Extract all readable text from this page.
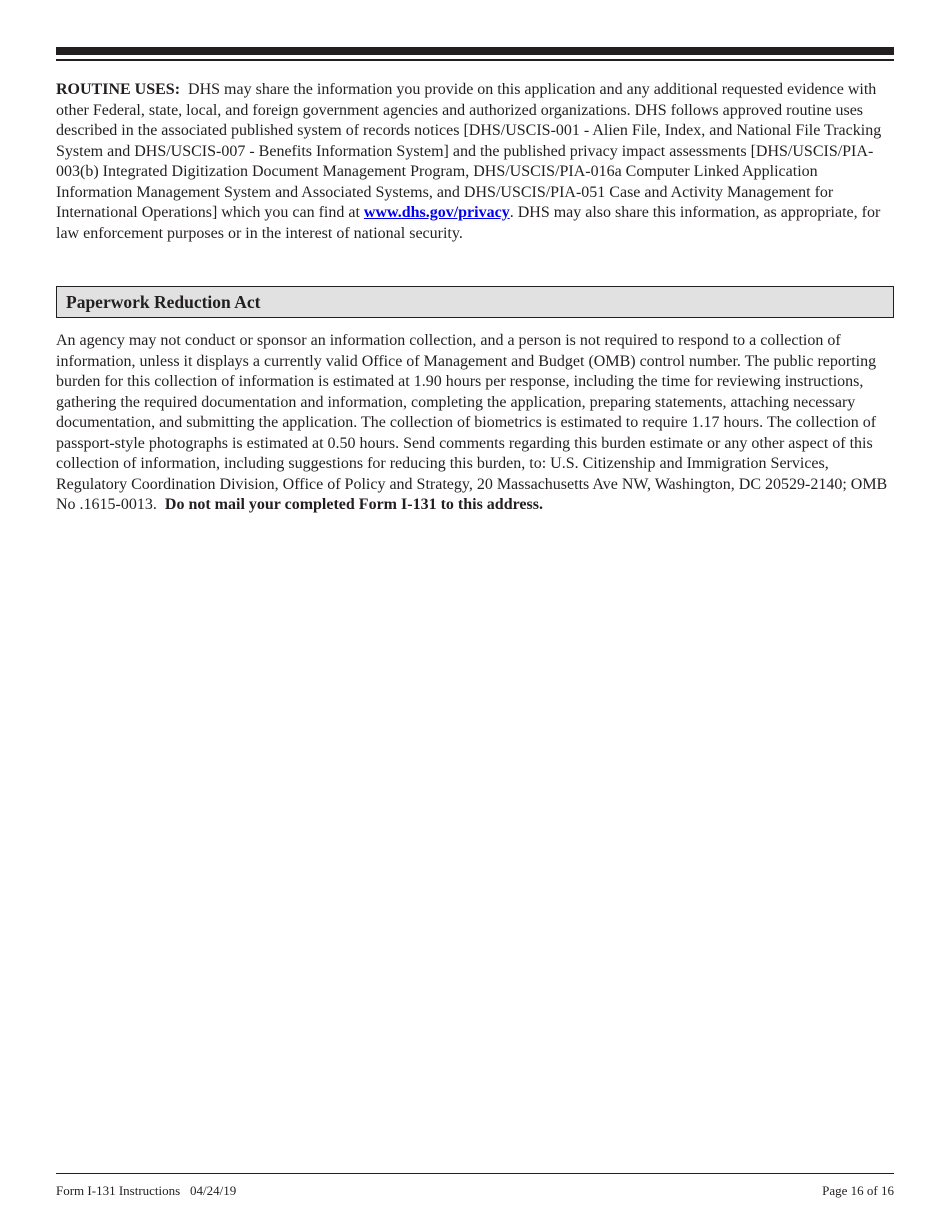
ROUTINE USES: DHS may share the information you provide on this application and any additional requested evidence with other Federal, state, local, and foreign government agencies and authorized organizations. DHS follows approved routine uses described in the associated published system of records notices [DHS/USCIS-001 - Alien File, Index, and National File Tracking System and DHS/USCIS-007 - Benefits Information System] and the published privacy impact assessments [DHS/USCIS/PIA-003(b) Integrated Digitization Document Management Program, DHS/USCIS/PIA-016a Computer Linked Application Information Management System and Associated Systems, and DHS/USCIS/PIA-051 Case and Activity Management for International Operations] which you can find at www.dhs.gov/privacy. DHS may also share this information, as appropriate, for law enforcement purposes or in the interest of national security.

Paperwork Reduction Act

An agency may not conduct or sponsor an information collection, and a person is not required to respond to a collection of information, unless it displays a currently valid Office of Management and Budget (OMB) control number. The public reporting burden for this collection of information is estimated at 1.90 hours per response, including the time for reviewing instructions, gathering the required documentation and information, completing the application, preparing statements, attaching necessary documentation, and submitting the application. The collection of biometrics is estimated to require 1.17 hours. The collection of passport-style photographs is estimated at 0.50 hours. Send comments regarding this burden estimate or any other aspect of this collection of information, including suggestions for reducing this burden, to: U.S. Citizenship and Immigration Services, Regulatory Coordination Division, Office of Policy and Strategy, 20 Massachusetts Ave NW, Washington, DC 20529-2140; OMB No .1615-0013. Do not mail your completed Form I-131 to this address.

Form I-131 Instructions 04/24/19	Page 16 of 16
